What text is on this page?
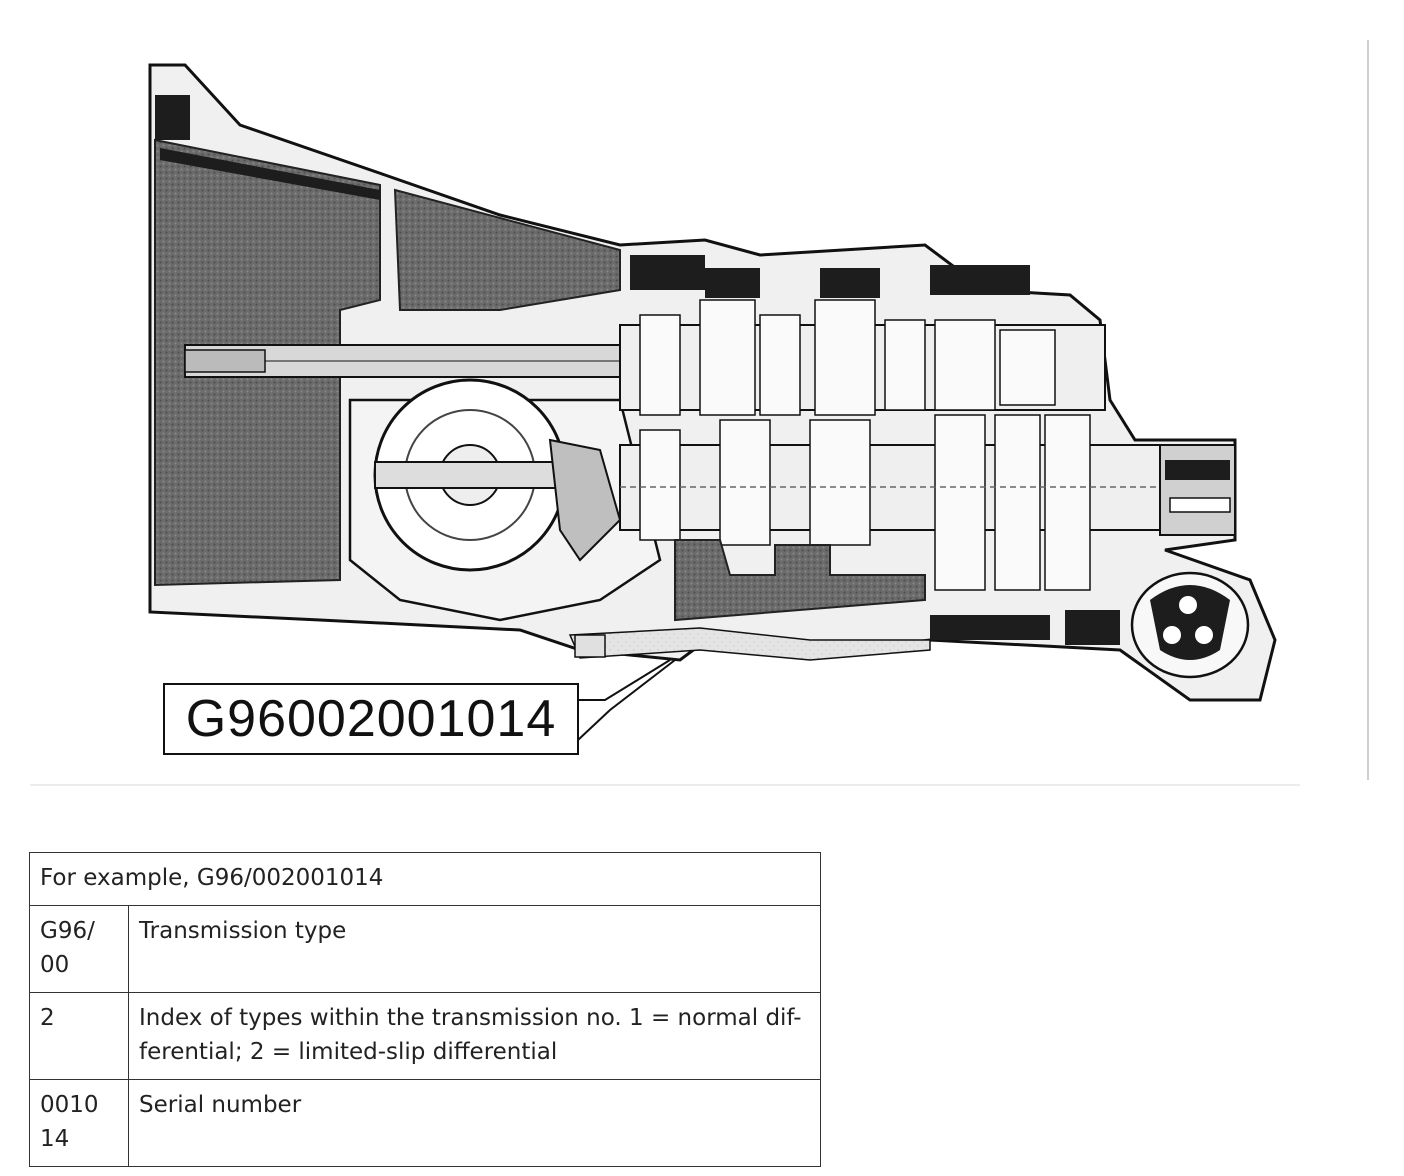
G96002001014
For example, G96/002001014	
G96/ 00	Transmission type
2	Index of types within the transmission no. 1 = normal dif-ferential; 2 = limited-slip differential
0010 14	Serial number
